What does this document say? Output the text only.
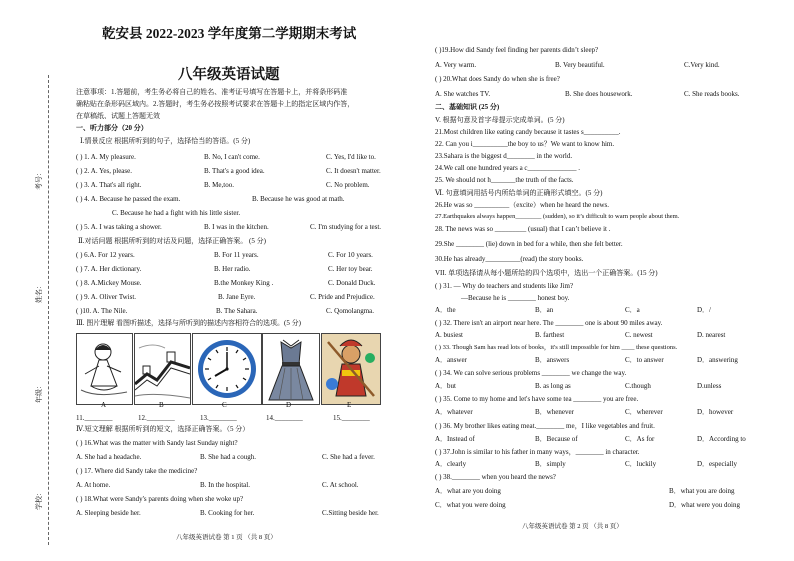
考号：
姓名：
年级：
学校：
乾安县 2022-2023 学年度第二学期期末考试
八年级英语试题
注意事项：1.答题前，考生务必将自己的姓名、准考证号填写在答题卡上，并将条形码准
确粘贴在条形码区域内。2.答题时，考生务必按照考试要求在答题卡上的指定区域内作答，
在草稿纸、试题上答题无效
一、听力部分（20 分）
Ⅰ.情景反应 根据所听到的句子，选择恰当的答语。(5 分)
( ) 1. A. My pleasure.	B. No, I can't come.	C. Yes, I'd like to.
( ) 2. A. Yes, please.	B. That's a good idea.	C. It doesn't matter.
( ) 3. A. That's all right.	B. Me,too.	C. No problem.
( ) 4. A. Because he passed the exam.	B. Because he was good at math.
C. Because he had a fight with his little sister.
( ) 5. A. I was taking a shower.	B. I was in the kitchen.	C. I'm studying for a test.
Ⅱ.对话问题 根据所听到的对话及问题，选择正确答案。 (5 分)
( ) 6.A. For 12 years.	B. For 11 years.	C. For 10 years.
( ) 7. A. Her dictionary.	B. Her radio.	C. Her toy bear.
( ) 8. A.Mickey Mouse.	B.the Monkey King .	C. Donald Duck.
( ) 9. A. Oliver Twist.	B. Jane Eyre.	C. Pride and Prejudice.
( )10. A. The Nile.	B. The Sahara.	C. Qomolangma.
Ⅲ. 图片理解 看图听描述，选择与所听到的描述内容相符合的选项。(5 分)
A	B	C	D	E
11.________	12.________	13.________	14.________	15.________
Ⅳ.短文理解 根据所听到的短文，选择正确答案。（5 分）
( ) 16.What was the matter with Sandy last Sunday night?
A. She had a headache.	B. She had a cough.	C. She had a fever.
( ) 17. Where did Sandy take the medicine?
A. At home.	B. In the hospital.	C. At school.
( ) 18.What were Sandy's parents doing when she woke up?
A. Sleeping beside her.	B. Cooking for her.	C.Sitting beside her.
八年级英语试卷 第 1 页 （共 8 页）
( )19.How did Sandy feel finding her parents didn’t sleep?
A. Very warm.	B. Very beautiful.	C.Very kind.
( ) 20.What does Sandy do when she is free?
A. She watches TV.	B. She does housework.	C. She reads books.
二、基础知识 (25 分)
V. 根据句意及首字母提示完成单词。(5 分)
21.Most children like eating candy because it tastes s__________.
22. Can you i__________the boy to us？We want to know him.
23.Sahara is the biggest d________ in the world.
24.We call one hundred years a c______________ .
25. We should not h_______the truth of the facts.
Ⅵ. 句意填词用括号内所给单词的正确形式填空。(5 分)
26.He was so __________（excite）when he heard the news.
27.Earthquakes always happen________ (sudden), so it’s difficult to warn people about them.
28. The news was so _________ (usual) that I can’t believe it .
29.She ________ (lie) down in bed for a while, then she felt better.
30.He has already__________(read) the story books.
VII. 单项选择请从每小题所给的四个选项中，选出一个正确答案。(15 分)
( ) 31. — Why do teachers and students like Jim?
—Because he is ________ honest boy.
A．the	B．an	C．a	D．/
( ) 32. There isn't an airport near here. The ________ one is about 90 miles away.
A. busiest	B. farthest	C. newest	D. nearest
( ) 33. Though Sam has read lots of books，it's still impossible for him ____ these questions.
A．answer	B．answers	C．to answer	D．answering
( ) 34. We can solve serious problems ________ we change the way.
A．but	B. as long as	C.though	D.unless
( ) 35. Come to my home and let's have some tea ________ you are free.
A．whatever	B．whenever	C．wherever	D．however
( ) 36. My brother likes eating meat.________ me，I like vegetables and fruit.
A．Instead of	B．Because of	C．As for	D．According to
( ) 37.John is similar to his father in many ways，________ in character.
A．clearly	B．simply	C．luckily	D．especially
( ) 38.________ when you heard the news?
A．what are you doing	B．what you are doing
C．what you were doing	D．what were you doing
八年级英语试卷 第 2 页 （共 8 页）
